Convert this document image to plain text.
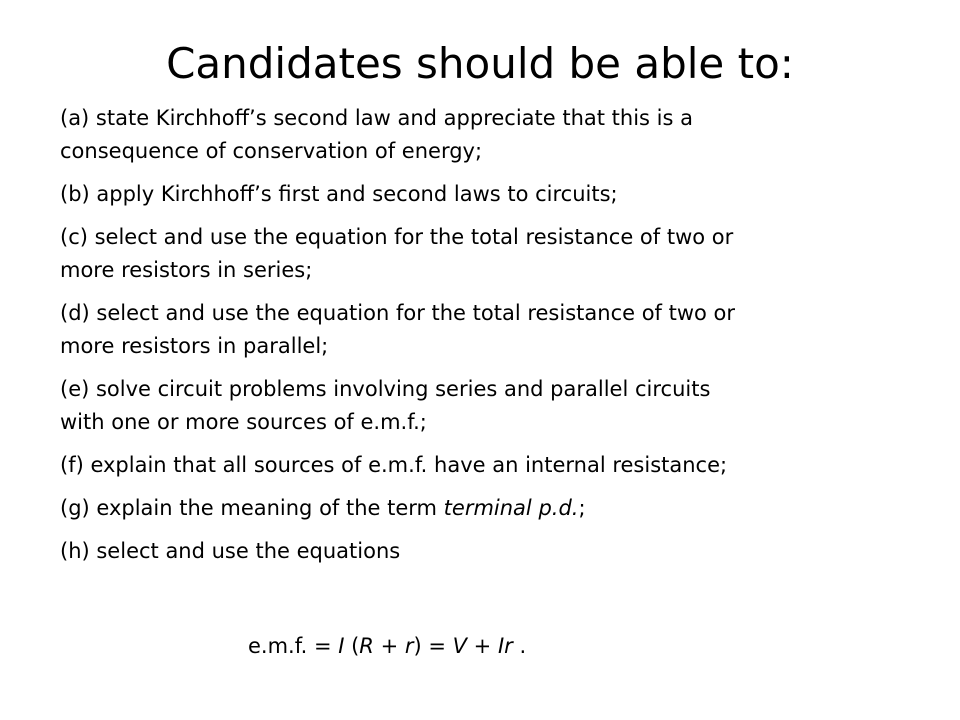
Candidates should be able to:
(a) state Kirchhoff’s second law and appreciate that this is a
consequence of conservation of energy;
(b) apply Kirchhoff’s first and second laws to circuits;
(c) select and use the equation for the total resistance of two or
more resistors in series;
(d) select and use the equation for the total resistance of two or
more resistors in parallel;
(e) solve circuit problems involving series and parallel circuits
with one or more sources of e.m.f.;
(f) explain that all sources of e.m.f. have an internal resistance;
(g) explain the meaning of the term terminal p.d.;
(h) select and use the equations
e.m.f. = I (R + r) = V + Ir .
